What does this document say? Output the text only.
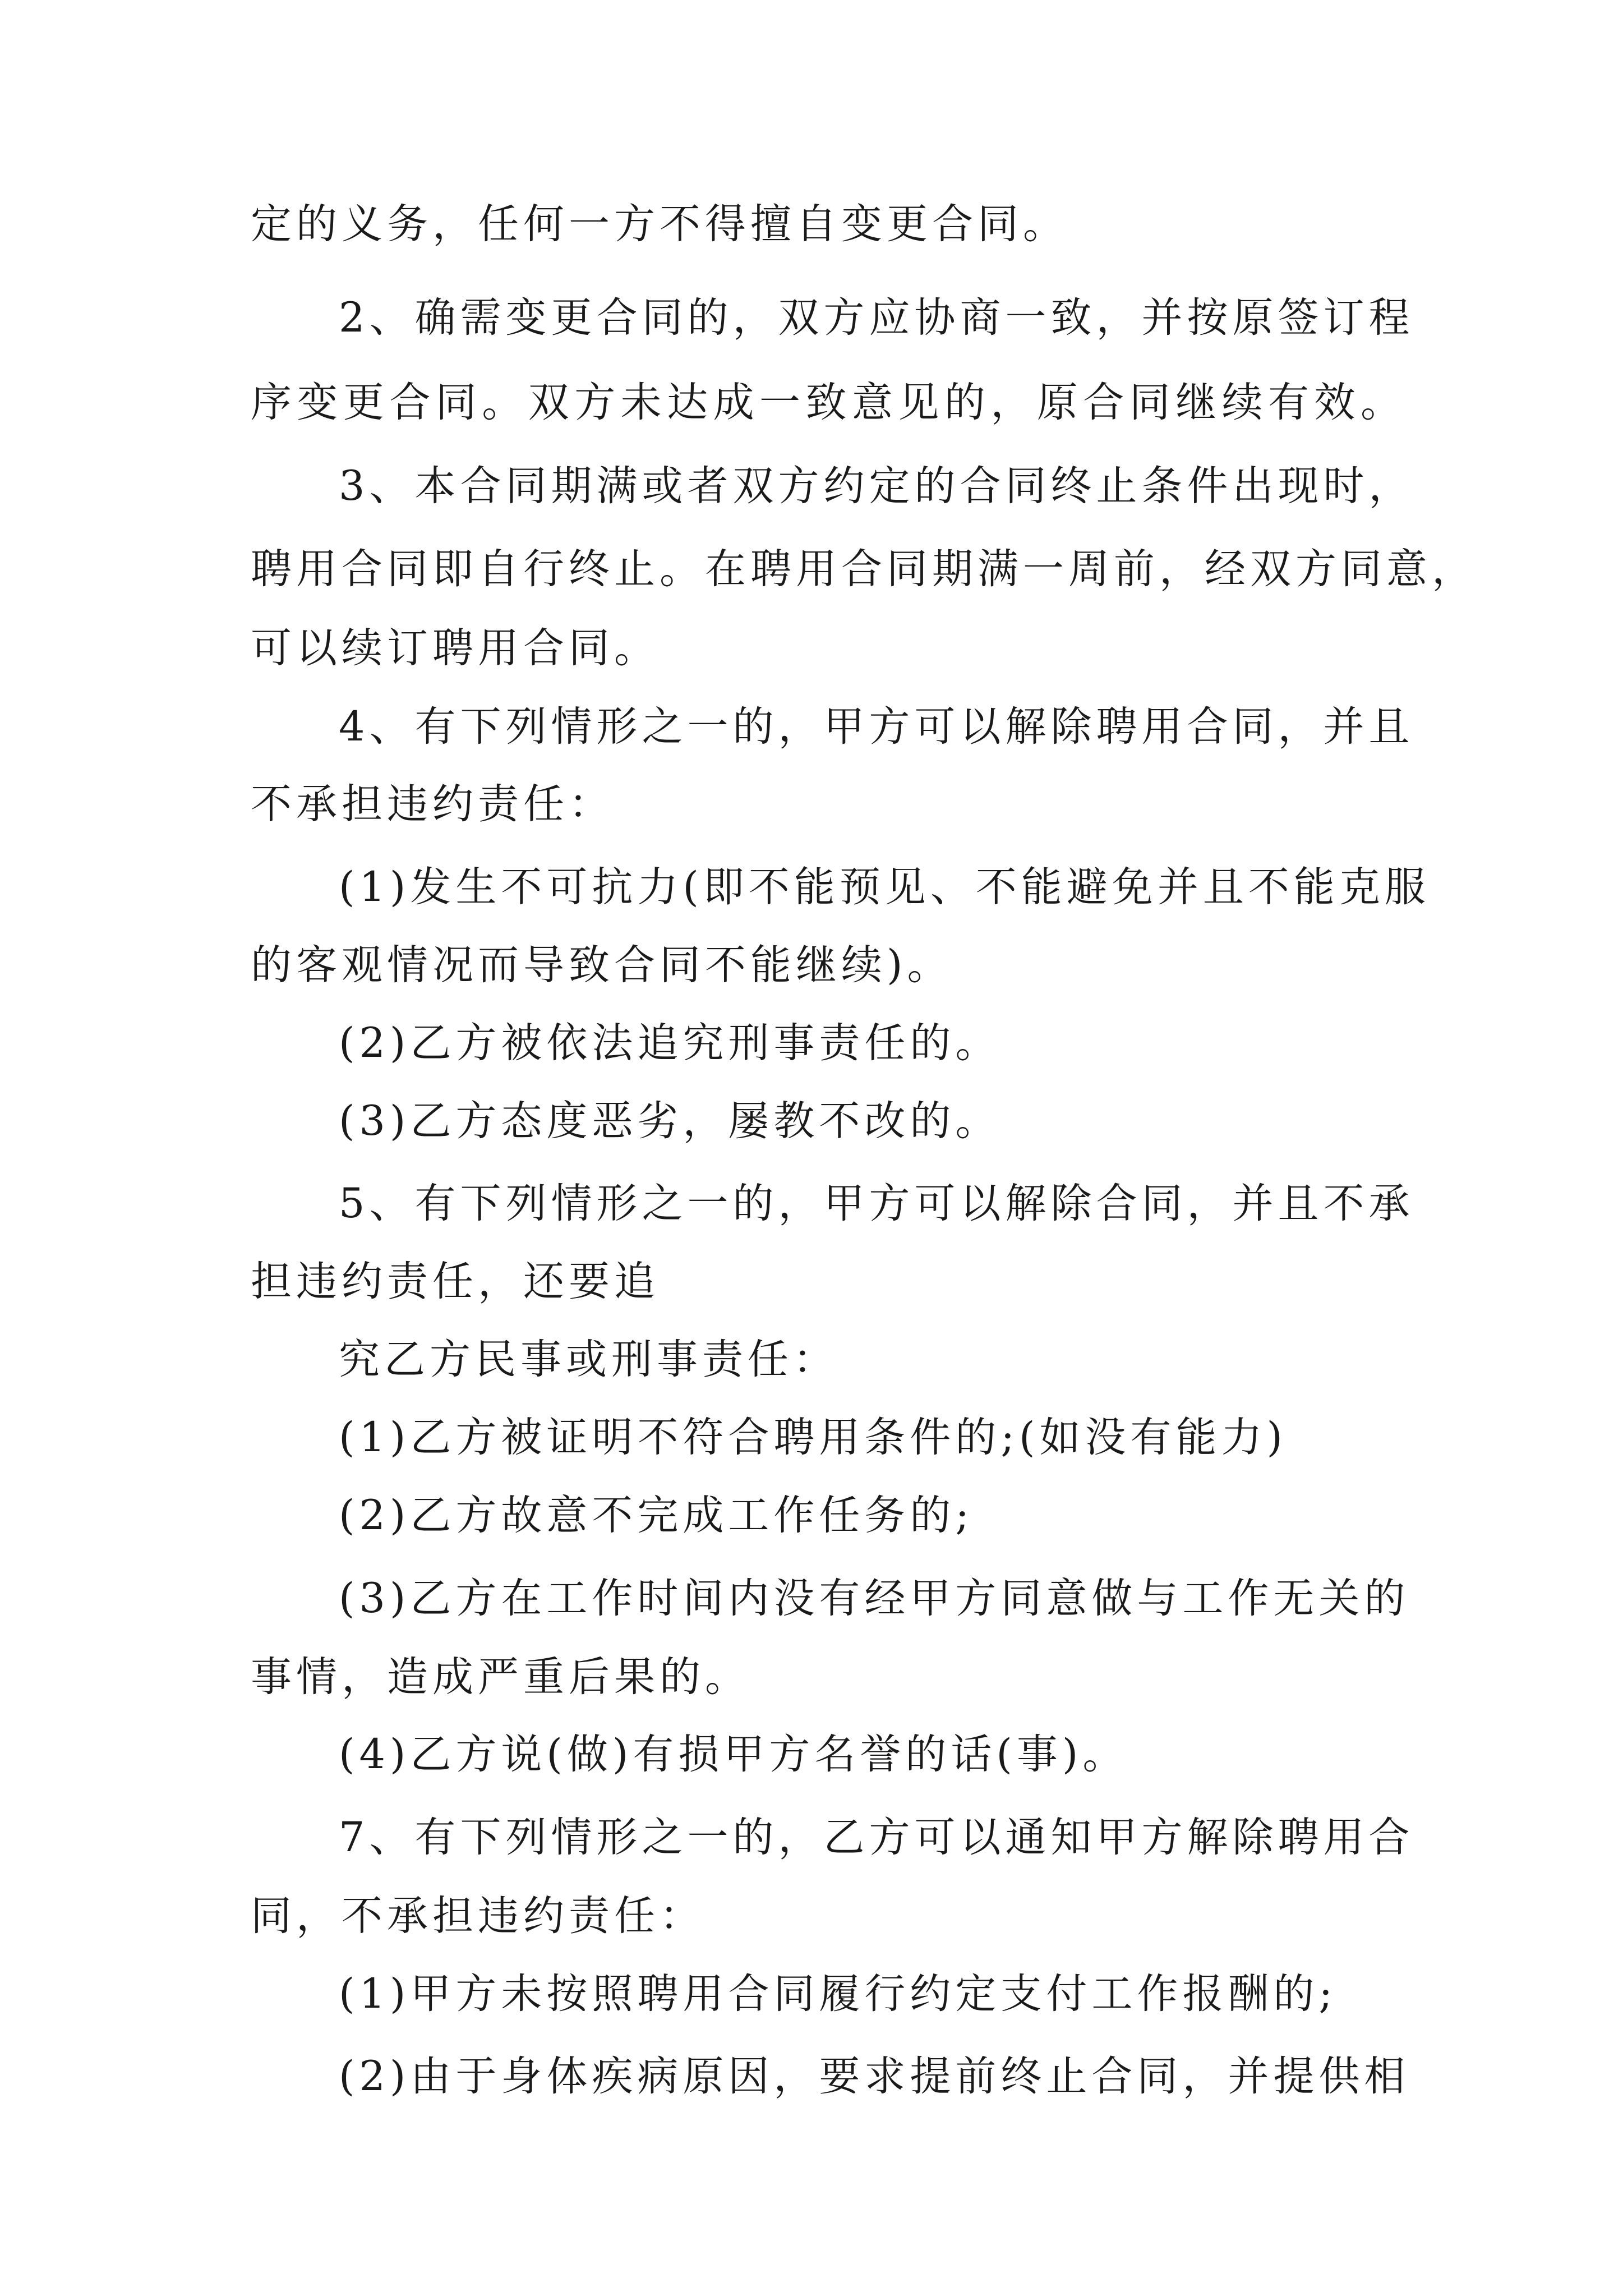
定的义务，任何一方不得擅自变更合同。
2、确需变更合同的，双方应协商一致，并按原签订程
序变更合同。双方未达成一致意见的，原合同继续有效。
3、本合同期满或者双方约定的合同终止条件出现时，
聘用合同即自行终止。在聘用合同期满一周前，经双方同意，
可以续订聘用合同。
4、有下列情形之一的，甲方可以解除聘用合同，并且
不承担违约责任：
(1)发生不可抗力(即不能预见、不能避免并且不能克服
的客观情况而导致合同不能继续)。
(2)乙方被依法追究刑事责任的。
(3)乙方态度恶劣，屡教不改的。
5、有下列情形之一的，甲方可以解除合同，并且不承
担违约责任，还要追
究乙方民事或刑事责任：
(1)乙方被证明不符合聘用条件的;(如没有能力)
(2)乙方故意不完成工作任务的;
(3)乙方在工作时间内没有经甲方同意做与工作无关的
事情，造成严重后果的。
(4)乙方说(做)有损甲方名誉的话(事)。
7、有下列情形之一的，乙方可以通知甲方解除聘用合
同，不承担违约责任：
(1)甲方未按照聘用合同履行约定支付工作报酬的;
(2)由于身体疾病原因，要求提前终止合同，并提供相
